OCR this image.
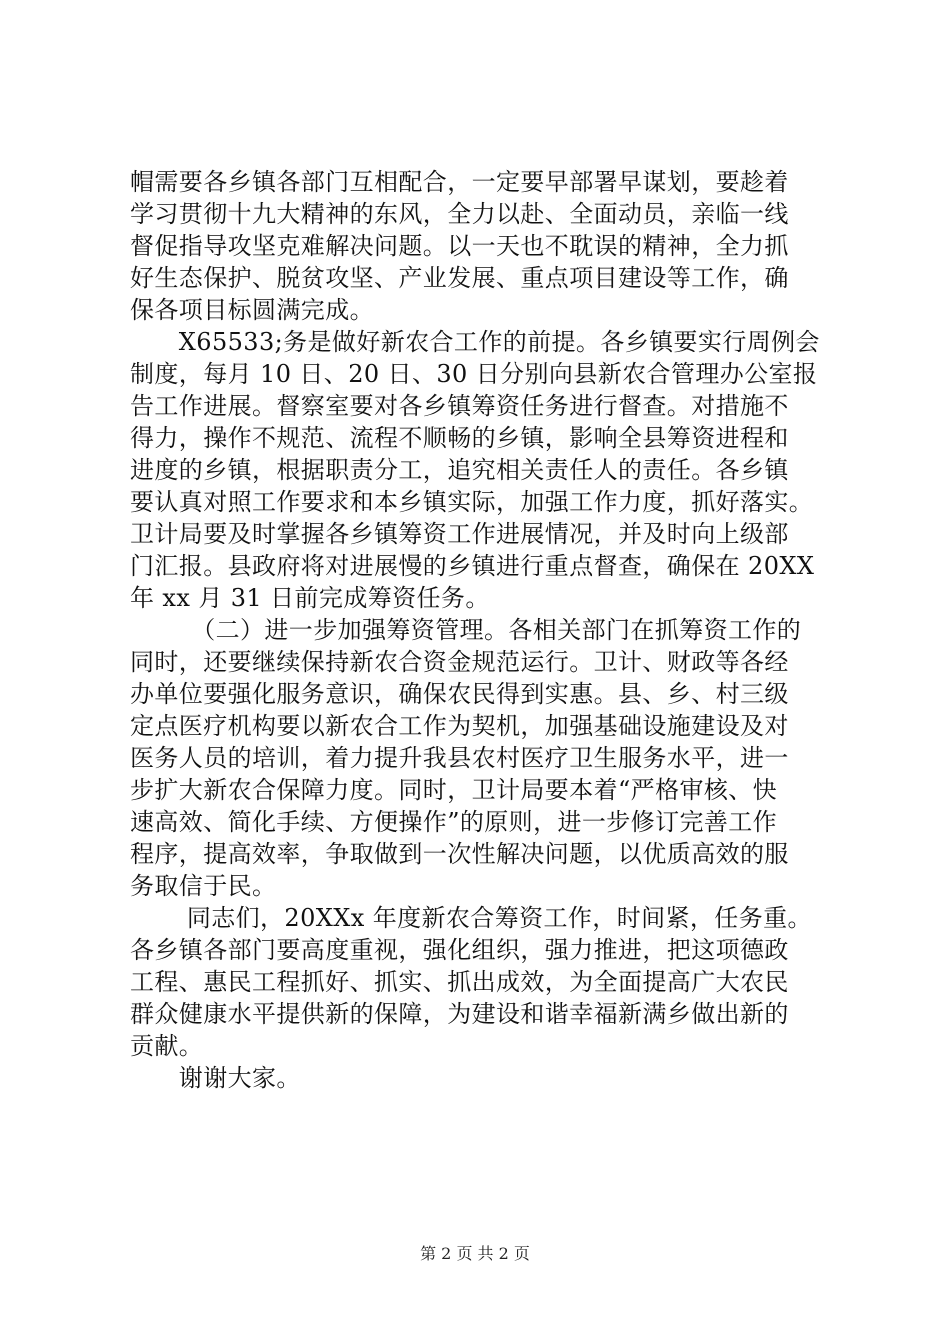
帽需要各乡镇各部门互相配合，一定要早部署早谋划，要趁着
学习贯彻十九大精神的东风，全力以赴、全面动员，亲临一线
督促指导攻坚克难解决问题。以一天也不耽误的精神，全力抓
好生态保护、脱贫攻坚、产业发展、重点项目建设等工作，确
保各项目标圆满完成。
　　X65533;务是做好新农合工作的前提。各乡镇要实行周例会
制度，每月 10 日、20 日、30 日分别向县新农合管理办公室报
告工作进展。督察室要对各乡镇筹资任务进行督查。对措施不
得力，操作不规范、流程不顺畅的乡镇，影响全县筹资进程和
进度的乡镇，根据职责分工，追究相关责任人的责任。各乡镇
要认真对照工作要求和本乡镇实际，加强工作力度，抓好落实。
卫计局要及时掌握各乡镇筹资工作进展情况，并及时向上级部
门汇报。县政府将对进展慢的乡镇进行重点督查，确保在 20XX
年 xx 月 31 日前完成筹资任务。
　　　（二）进一步加强筹资管理。各相关部门在抓筹资工作的
同时，还要继续保持新农合资金规范运行。卫计、财政等各经
办单位要强化服务意识，确保农民得到实惠。县、乡、村三级
定点医疗机构要以新农合工作为契机，加强基础设施建设及对
医务人员的培训，着力提升我县农村医疗卫生服务水平，进一
步扩大新农合保障力度。同时，卫计局要本着“严格审核、快
速高效、简化手续、方便操作”的原则，进一步修订完善工作
程序，提高效率，争取做到一次性解决问题，以优质高效的服
务取信于民。
　　 同志们，20XXx 年度新农合筹资工作，时间紧，任务重。
各乡镇各部门要高度重视，强化组织，强力推进，把这项德政
工程、惠民工程抓好、抓实、抓出成效，为全面提高广大农民
群众健康水平提供新的保障，为建设和谐幸福新满乡做出新的
贡献。
　　谢谢大家。
第 2 页 共 2 页
